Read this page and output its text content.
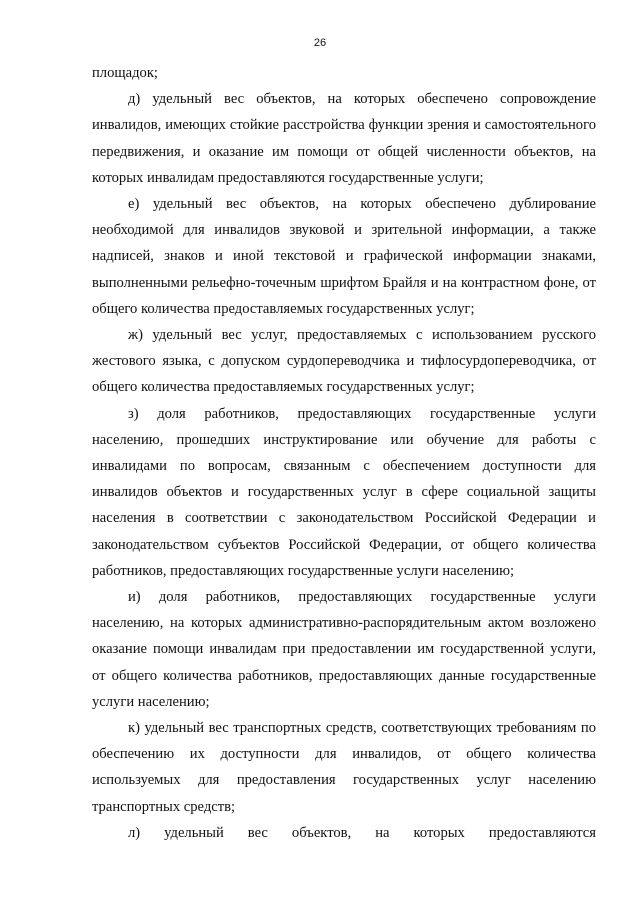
26

площадок;

д) удельный вес объектов, на которых обеспечено сопровождение инвалидов, имеющих стойкие расстройства функции зрения и самостоятельного передвижения, и оказание им помощи от общей численности объектов, на которых инвалидам предоставляются государственные услуги;

е) удельный вес объектов, на которых обеспечено дублирование необходимой для инвалидов звуковой и зрительной информации, а также надписей, знаков и иной текстовой и графической информации знаками, выполненными рельефно-точечным шрифтом Брайля и на контрастном фоне, от общего количества предоставляемых государственных услуг;

ж) удельный вес услуг, предоставляемых с использованием русского жестового языка, с допуском сурдопереводчика и тифлосурдопереводчика, от общего количества предоставляемых государственных услуг;

з) доля работников, предоставляющих государственные услуги населению, прошедших инструктирование или обучение для работы с инвалидами по вопросам, связанным с обеспечением доступности для инвалидов объектов и государственных услуг в сфере социальной защиты населения в соответствии с законодательством Российской Федерации и законодательством субъектов Российской Федерации, от общего количества работников, предоставляющих государственные услуги населению;

и) доля работников, предоставляющих государственные услуги населению, на которых административно-распорядительным актом возложено оказание помощи инвалидам при предоставлении им государственной услуги, от общего количества работников, предоставляющих данные государственные услуги населению;

к) удельный вес транспортных средств, соответствующих требованиям по обеспечению их доступности для инвалидов, от общего количества используемых для предоставления государственных услуг населению транспортных средств;

л) удельный вес объектов, на которых предоставляются
